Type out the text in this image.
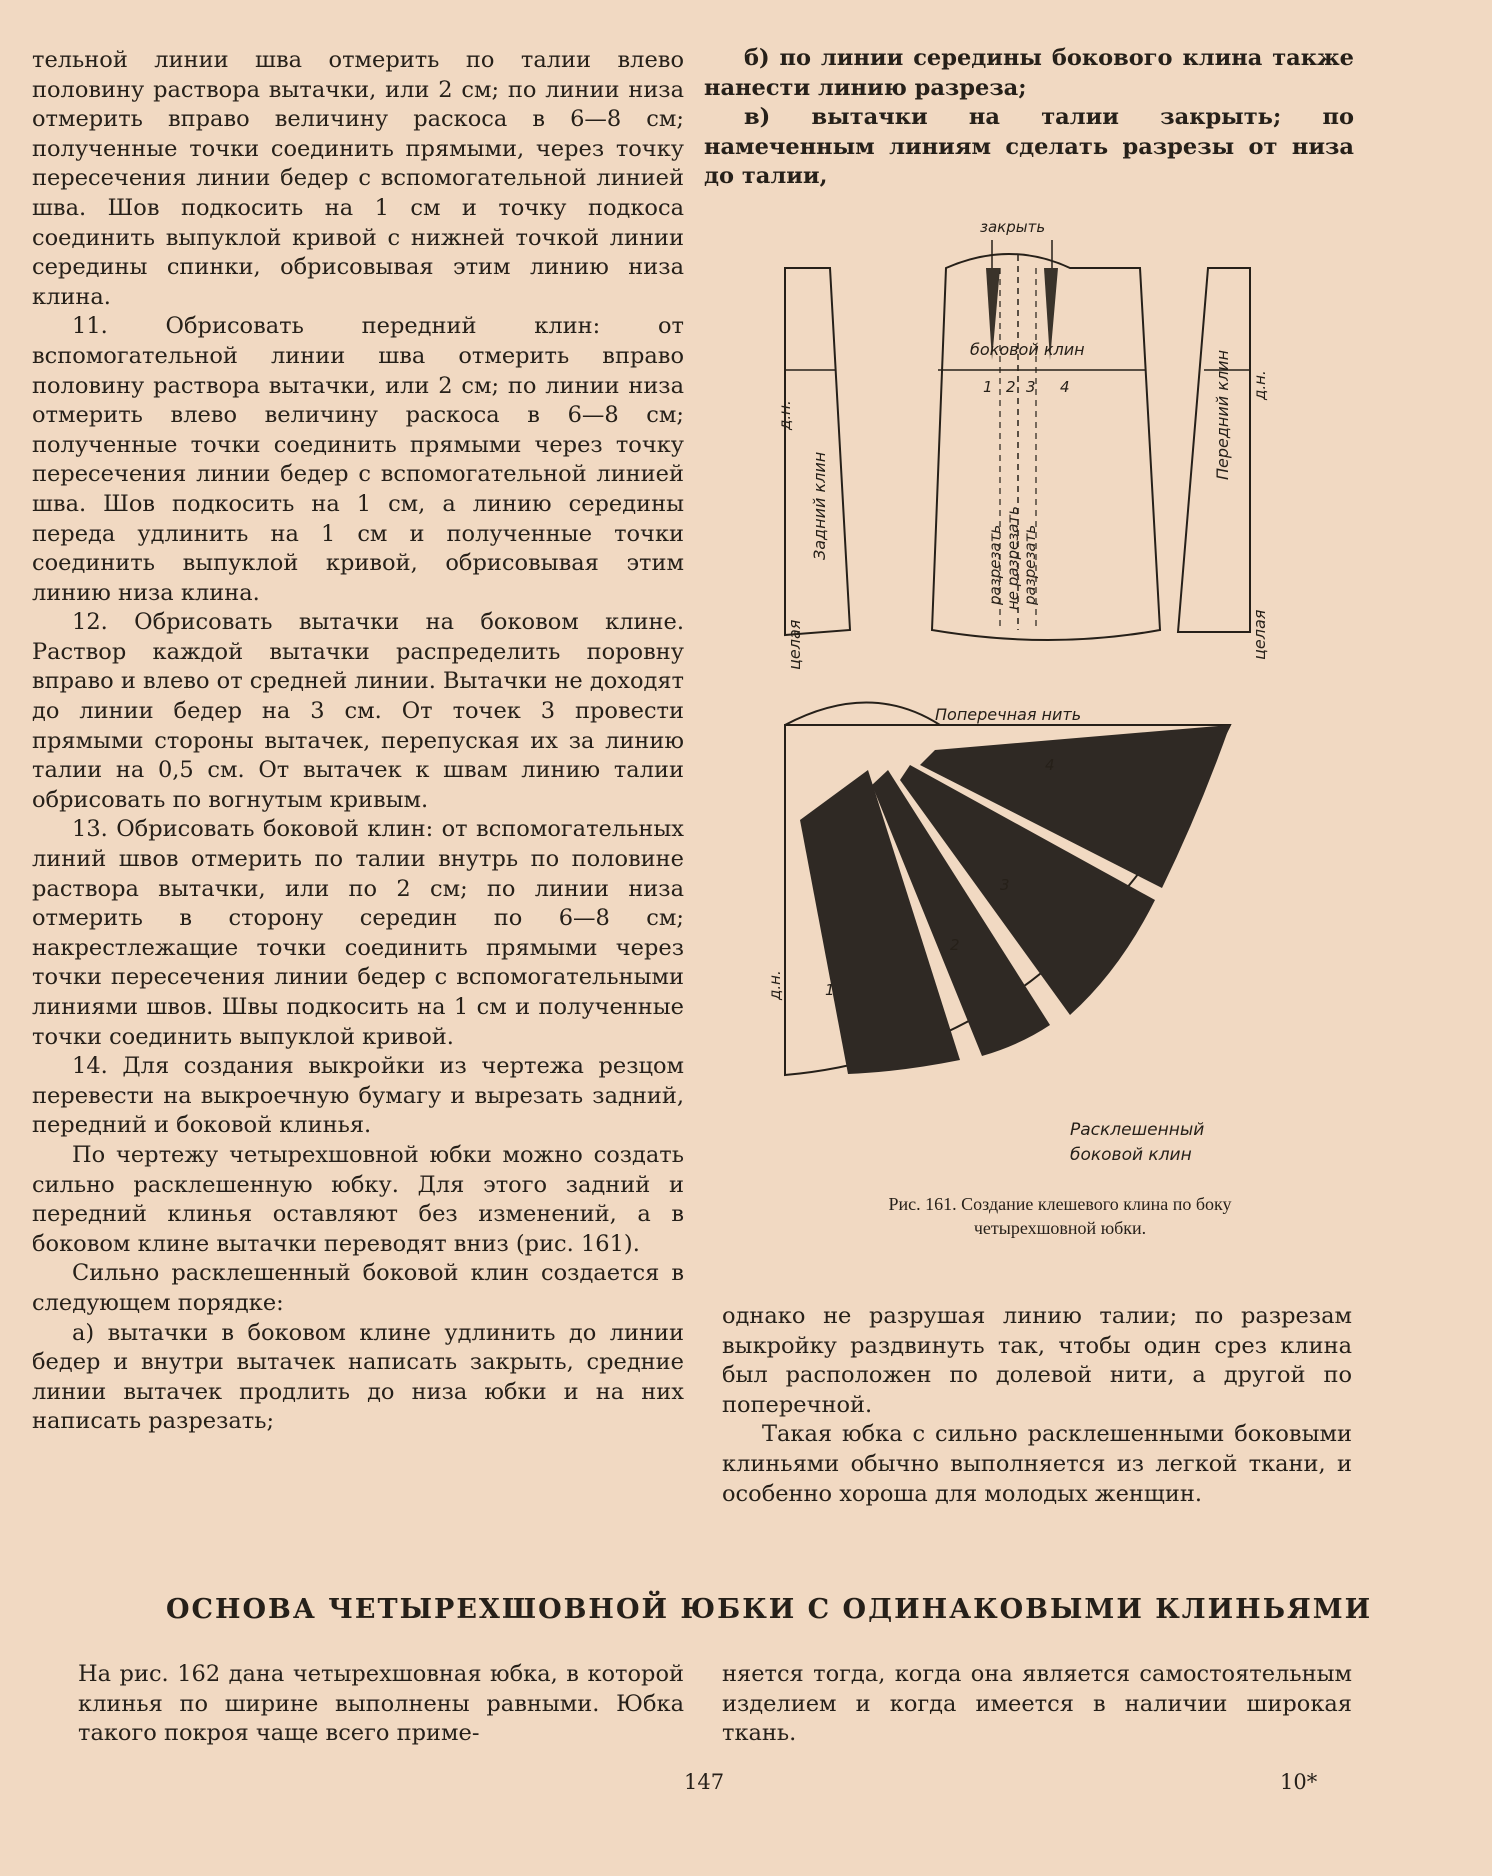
тельной линии шва отмерить по талии влево половину раствора вытачки, или 2 см; по линии низа отмерить вправо величину раскоса в 6—8 см; полученные точки соединить прямыми, через точку пересечения линии бедер с вспомогательной линией шва. Шов подкосить на 1 см и точку подкоса соединить выпуклой кривой с нижней точкой линии середины спинки, обрисовывая этим линию низа клина.

11. Обрисовать передний клин: от вспомогательной линии шва отмерить вправо половину раствора вытачки, или 2 см; по линии низа отмерить влево величину раскоса в 6—8 см; полученные точки соединить прямыми через точку пересечения линии бедер с вспомогательной линией шва. Шов подкосить на 1 см, а линию середины переда удлинить на 1 см и полученные точки соединить выпуклой кривой, обрисовывая этим линию низа клина.

12. Обрисовать вытачки на боковом клине. Раствор каждой вытачки распределить поровну вправо и влево от средней линии. Вытачки не доходят до линии бедер на 3 см. От точек 3 провести прямыми стороны вытачек, перепуская их за линию талии на 0,5 см. От вытачек к швам линию талии обрисовать по вогнутым кривым.

13. Обрисовать боковой клин: от вспомогательных линий швов отмерить по талии внутрь по половине раствора вытачки, или по 2 см; по линии низа отмерить в сторону середин по 6—8 см; накрестлежащие точки соединить прямыми через точки пересечения линии бедер с вспомогательными линиями швов. Швы подкосить на 1 см и полученные точки соединить выпуклой кривой.

14. Для создания выкройки из чертежа резцом перевести на выкроечную бумагу и вырезать задний, передний и боковой клинья.

По чертежу четырехшовной юбки можно создать сильно расклешенную юбку. Для этого задний и передний клинья оставляют без изменений, а в боковом клине вытачки переводят вниз (рис. 161).

Сильно расклешенный боковой клин создается в следующем порядке:

а) вытачки в боковом клине удлинить до линии бедер и внутри вытачек написать закрыть, средние линии вытачек продлить до низа юбки и на них написать разрезать;

б) по линии середины бокового клина также нанести линию разреза;

в) вытачки на талии закрыть; по намеченным линиям сделать разрезы от низа до талии,

закрыть
боковой клин
1 2 3 4
Задний клин
целая
д.н.
не разрезать
разрезать разрезать
Передний клин
целая
д.н.
Поперечная нить
д.н.	1
2
3
4
Расклешенный
боковой клин
Рис. 161. Создание клешевого клина по боку
четырехшовной юбки.

однако не разрушая линию талии; по разрезам выкройку раздвинуть так, чтобы один срез клина был расположен по долевой нити, а другой по поперечной.

Такая юбка с сильно расклешенными боковыми клиньями обычно выполняется из легкой ткани, и особенно хороша для молодых женщин.

ОСНОВА ЧЕТЫРЕХШОВНОЙ ЮБКИ С ОДИНАКОВЫМИ КЛИНЬЯМИ

На рис. 162 дана четырехшовная юбка, в которой клинья по ширине выполнены равными. Юбка такого покроя чаще всего приме-

няется тогда, когда она является самостоятельным изделием и когда имеется в наличии широкая ткань.

147	10*
